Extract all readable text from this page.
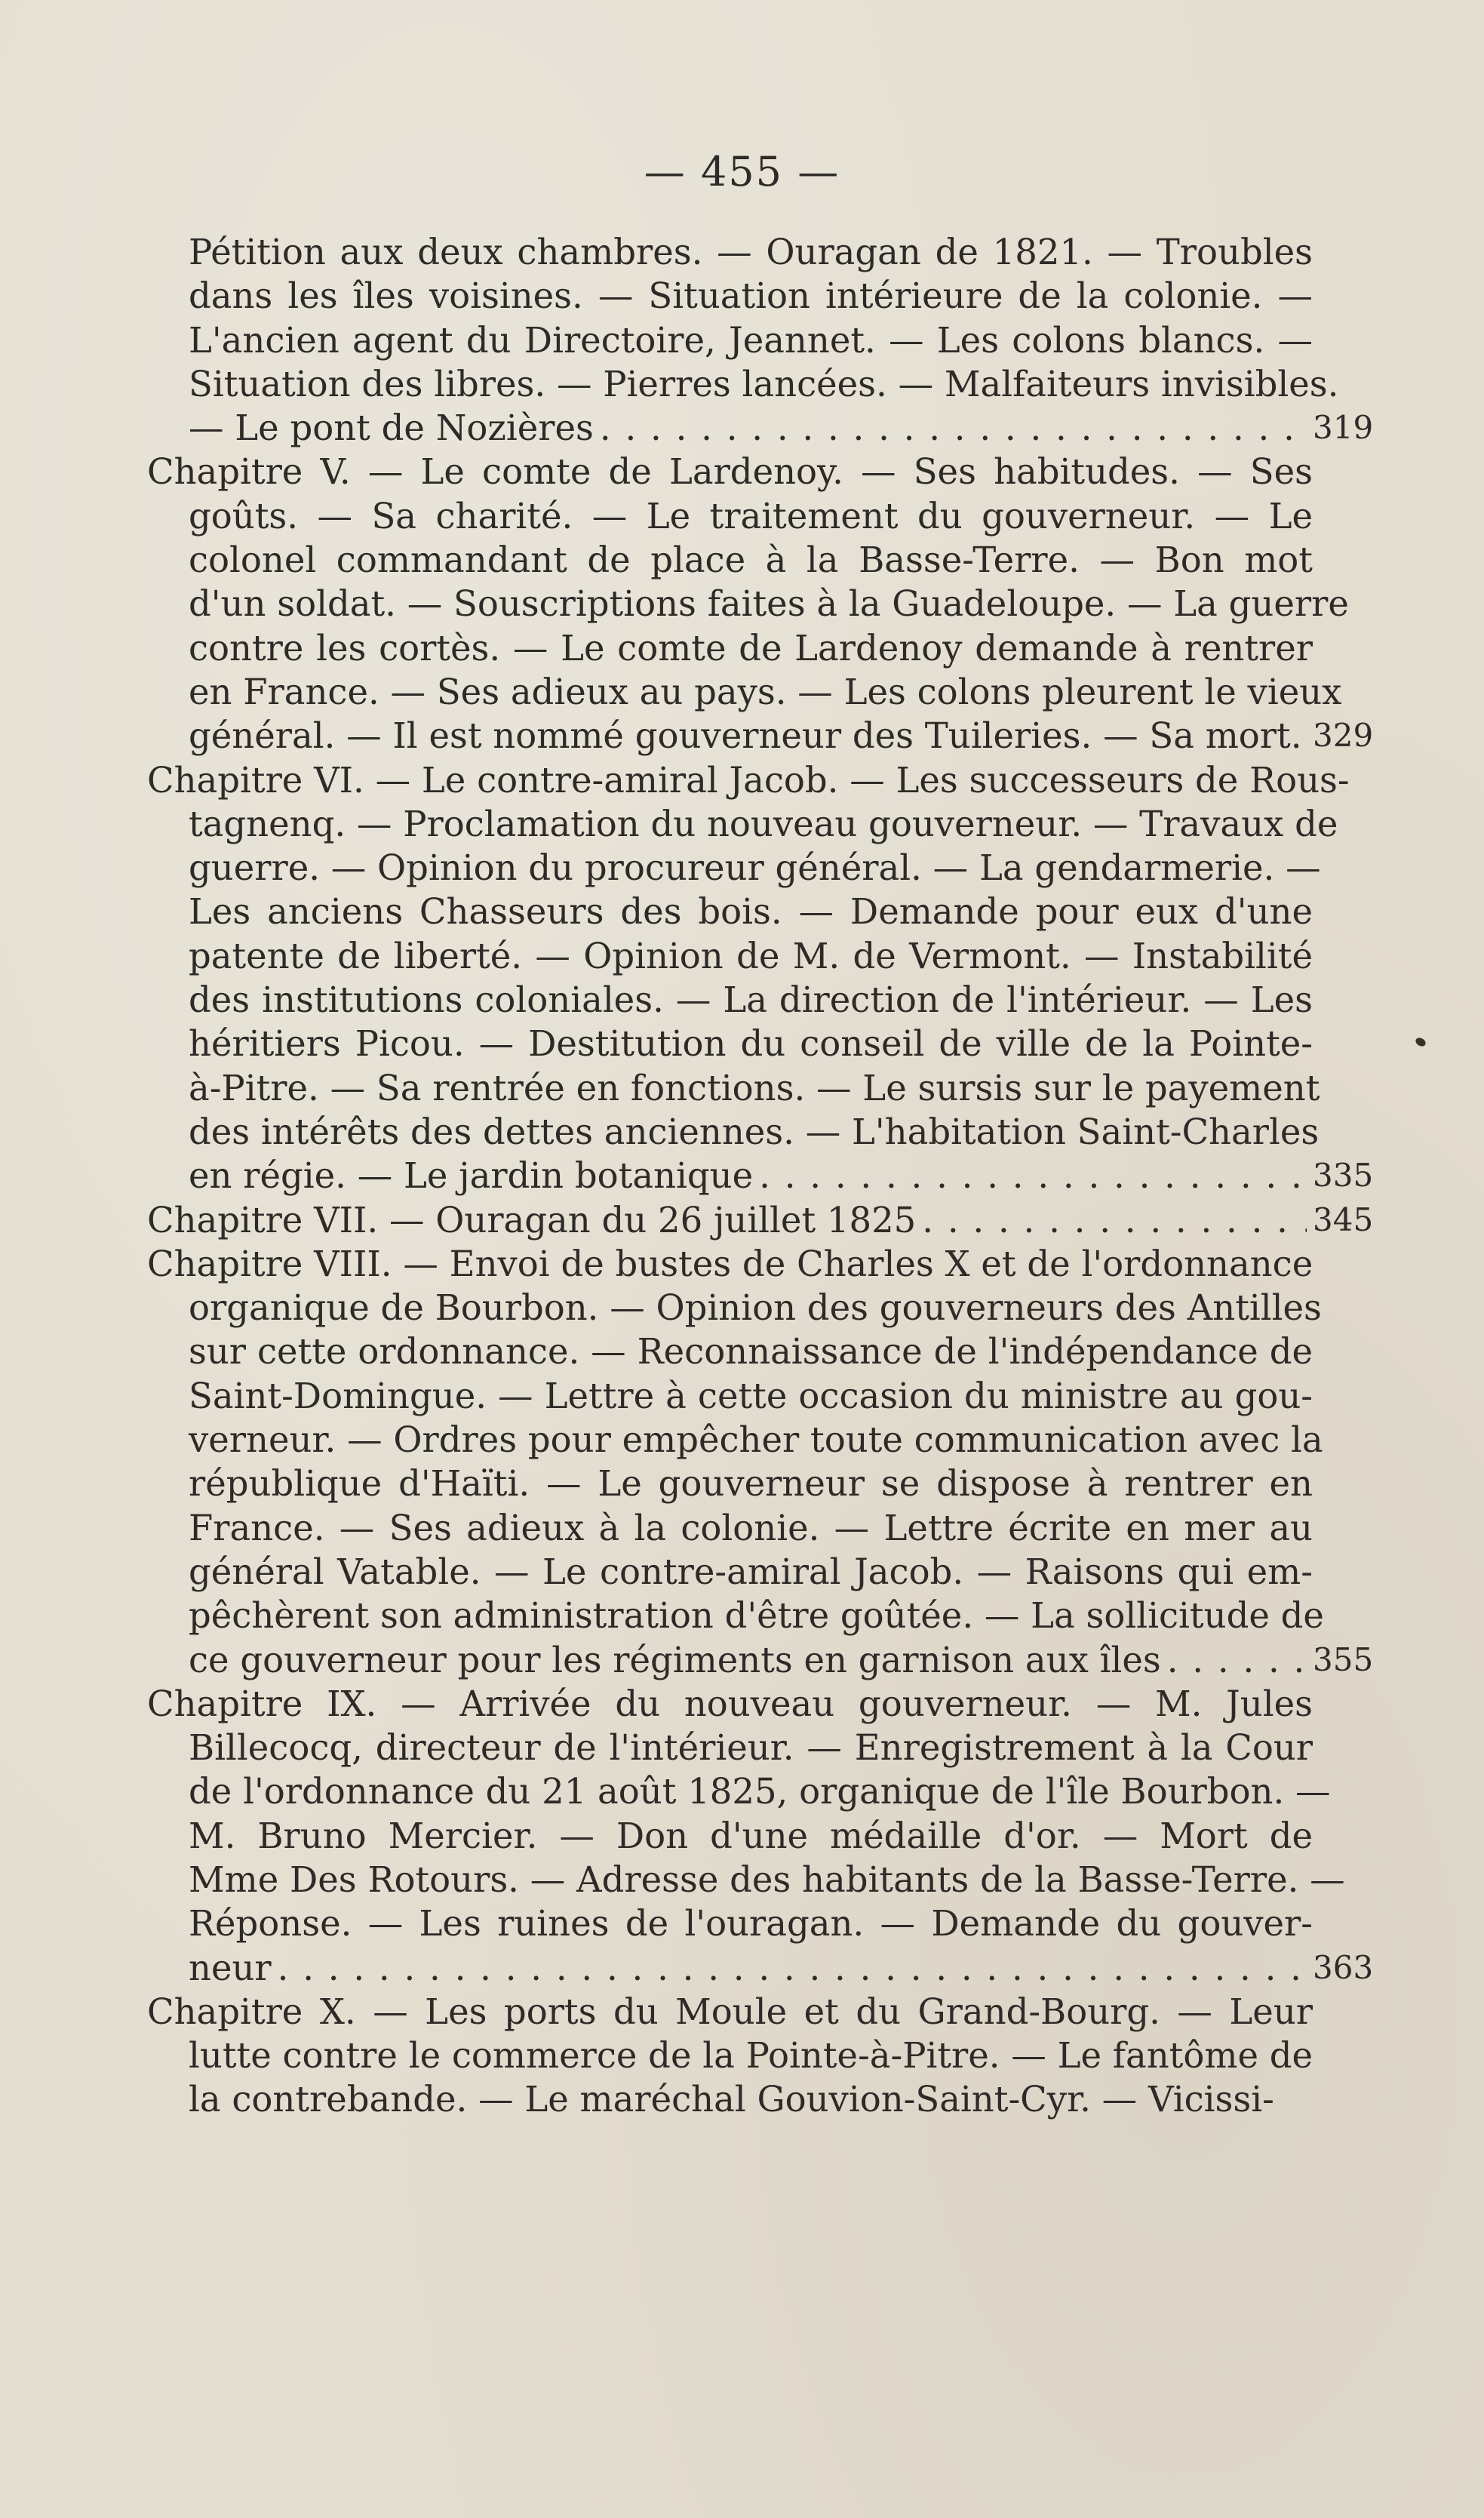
— 455 —
Pétition aux deux chambres. — Ouragan de 1821. — Troubles
dans les îles voisines. — Situation intérieure de la colonie. —
L'ancien agent du Directoire, Jeannet. — Les colons blancs. —
Situation des libres. — Pierres lancées. — Malfaiteurs invisibles.
— Le pont de Nozières . . .	319
Chapitre V. — Le comte de Lardenoy. — Ses habitudes. — Ses
goûts. — Sa charité. — Le traitement du gouverneur. — Le
colonel commandant de place à la Basse-Terre. — Bon mot
d'un soldat. — Souscriptions faites à la Guadeloupe. — La guerre
contre les cortès. — Le comte de Lardenoy demande à rentrer
en France. — Ses adieux au pays. — Les colons pleurent le vieux
général. — Il est nommé gouverneur des Tuileries. — Sa mort. 329
Chapitre VI. — Le contre-amiral Jacob. — Les successeurs de Rous-
tagnenq. — Proclamation du nouveau gouverneur. — Travaux de
guerre. — Opinion du procureur général. — La gendarmerie. —
Les anciens Chasseurs des bois. — Demande pour eux d'une
patente de liberté. — Opinion de M. de Vermont. — Instabilité
des institutions coloniales. — La direction de l'intérieur. — Les
héritiers Picou. — Destitution du conseil de ville de la Pointe-
à-Pitre. — Sa rentrée en fonctions. — Le sursis sur le payement
des intérêts des dettes anciennes. — L'habitation Saint-Charles
en régie. — Le jardin botanique . . .	335
Chapitre VII. — Ouragan du 26 juillet 1825 . . .	345
Chapitre VIII. — Envoi de bustes de Charles X et de l'ordonnance
organique de Bourbon. — Opinion des gouverneurs des Antilles
sur cette ordonnance. — Reconnaissance de l'indépendance de
Saint-Domingue. — Lettre à cette occasion du ministre au gou-
verneur. — Ordres pour empêcher toute communication avec la
république d'Haïti. — Le gouverneur se dispose à rentrer en
France. — Ses adieux à la colonie. — Lettre écrite en mer au
général Vatable. — Le contre-amiral Jacob. — Raisons qui em-
pêchèrent son administration d'être goûtée. — La sollicitude de
ce gouverneur pour les régiments en garnison aux îles . . .	355
Chapitre IX. — Arrivée du nouveau gouverneur. — M. Jules
Billecocq, directeur de l'intérieur. — Enregistrement à la Cour
de l'ordonnance du 21 août 1825, organique de l'île Bourbon. —
M. Bruno Mercier. — Don d'une médaille d'or. — Mort de
Mme Des Rotours. — Adresse des habitants de la Basse-Terre. —
Réponse. — Les ruines de l'ouragan. — Demande du gouver-
neur . . .	363
Chapitre X. — Les ports du Moule et du Grand-Bourg. — Leur
lutte contre le commerce de la Pointe-à-Pitre. — Le fantôme de
la contrebande. — Le maréchal Gouvion-Saint-Cyr. — Vicissi-
